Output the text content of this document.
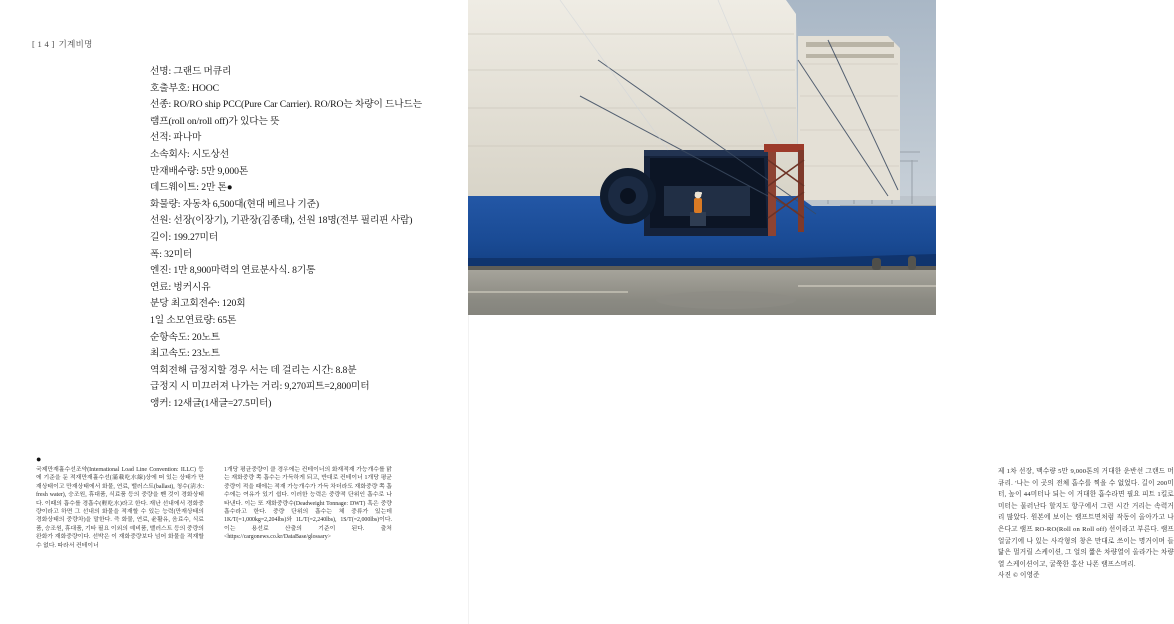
[ 1 4 ] 기계비명
선명: 그랜드 머큐리
호출부호: HOOC
선종: RO/RO ship PCC(Pure Car Carrier). RO/RO는 차량이 드나드는
램프(roll on/roll off)가 있다는 뜻
선적: 파나마
소속회사: 시도상선
만재배수량: 5만 9,000톤
데드웨이트: 2만 톤●
화물량: 자동차 6,500대(현대 베르나 기준)
선원: 선장(이장기), 기관장(김종태), 선원 18명(전부 필리핀 사람)
길이: 199.27미터
폭: 32미터
엔진: 1만 8,900마력의 연료분사식. 8기통
연료: 벙커시유
분당 최고회전수: 120회
1일 소모연료량: 65톤
순항속도: 20노트
최고속도: 23노트
역회전해 급정지할 경우 서는 데 걸리는 시간: 8.8분
급정지 시 미끄러져 나가는 거리: 9,270피트=2,800미터
앵커: 12새글(1새글=27.5미터)
●
국제만재흘수선조약(International Load Line Convention: ILLC) 등에 기준을 둔 적재만재흘수선(滿載吃水線)상에 떠 있는 상태가 만재상태이고 만재상태에서 화물, 연료, 밸러스트(ballast), 청수(淸水: fresh water), 승조원, 휴대품, 식료품 등의 중량을 뺀 것이 경화상태다. 이때의 흡수를 경흡수(輕吃水)라고 한다. 재난 선내에서 경화중량이라고 하면 그 선내의 화물을 적재할 수 있는 능력(만재상태의 경화상태의 중량차)을 말한다. 즉 화물, 연료, 윤활유, 음료수, 식료품, 승조원, 휴대품, 기타 필요 이외의 예비품, 밸러스트 등의 중량의 완화가 재화중량이다. 선박은 이 재화중량보다 넘어 화물을 적재할 수 없다. 따라서 컨테이너
1개당 평균중량이 클 경우에는 컨테이너의 화재적재 가능개수를 맑는 재화중량 쪽 흡수는 가득하게 되고, 반대로 컨테이너 1개당 평균중량이 적을 때에는 적재 가능개수가 가득 차더라도 재화중량 쪽 흡수에는 여유가 있기 쉽다. 이러한 능력은 중량적 단위인 흡수로 나타낸다. 이는 또 재화중량수(Deadweight Tonnage: DWT) 혹은 중량흡수라고 한다. 중량 단위의 흡수는 체 중류가 있는데 1K/T(=1,000kg=2,204lbs)와 1L/T(=2,240lbs), 1S/T(=2,000lbs)이다. 이는 용선료 산출의 기준이 된다. 출처 <https://cargonews.co.kr/DataBase/glossary>

제 1차 선장, 맥수량 5만 9,000톤의 거대한 운반선 그랜드 머큐리. '나는 이 곳의 전체 흡수를 찍을 수 없었다. 길이 200미터, 높이 44미터나 되는 이 거대한 흡수라면 필요 피트 1킬로미터는 물러난다 할지도 항구에서 그런 시간 거리는 속력거리 많았다. 원본에 보이는 램프트면처럼 작동이 올아가고 나은다고 램프 RO-RO(Roll on Roll off) 선이라고 부른다. 램프 얼굴기에 나 있는 사각형의 창은 만대로 쓰이는 명거이며 들 닮은 멀거릴 스케이션, 그 얼의 짧은 차량열이 올라가는 차량열 스케이션이고, 굴쭉한 홍산 나폰 램프스머리.

사진 © 이영준
